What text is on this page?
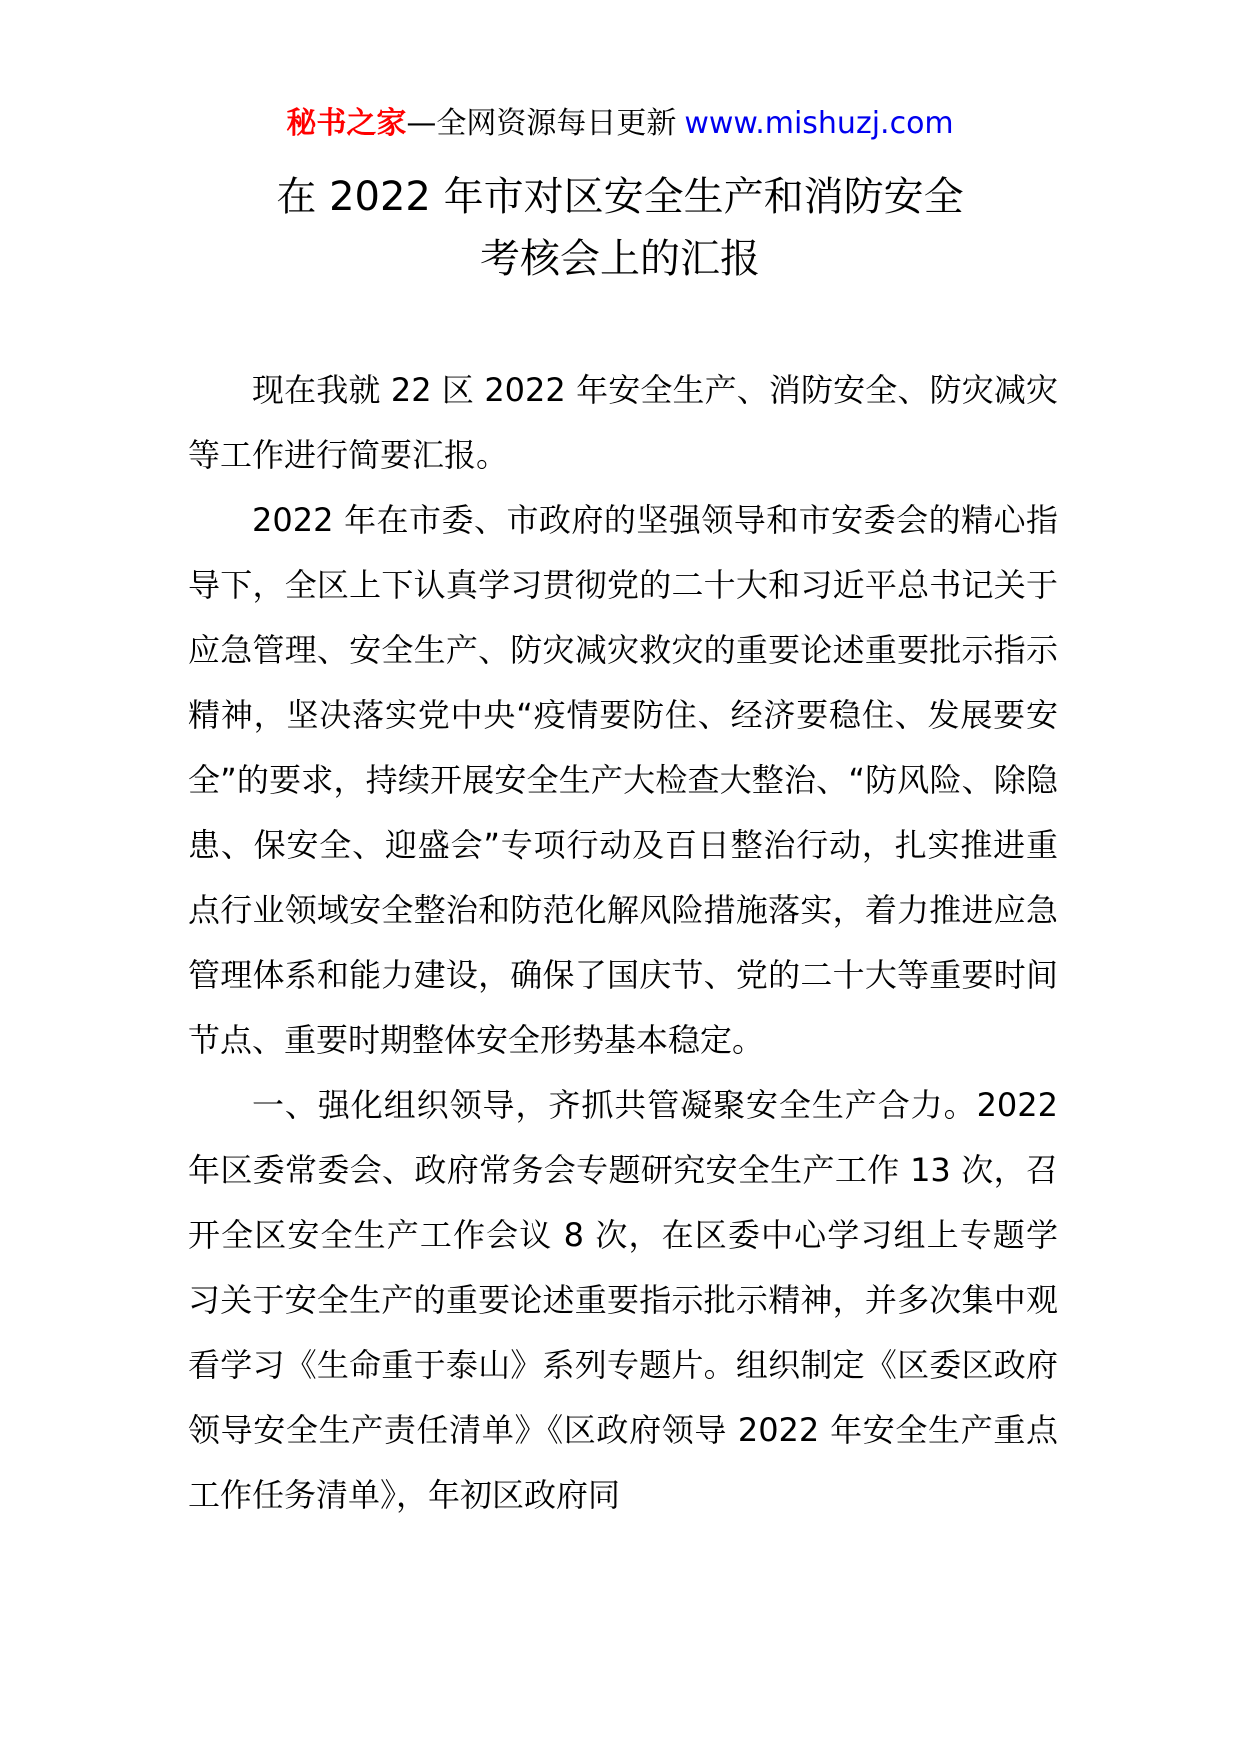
秘书之家—全网资源每日更新 www.mishuzj.com
在 2022 年市对区安全生产和消防安全
考核会上的汇报

现在我就 22 区 2022 年安全生产、消防安全、防灾减灾等工作进行简要汇报。

2022 年在市委、市政府的坚强领导和市安委会的精心指导下，全区上下认真学习贯彻党的二十大和习近平总书记关于应急管理、安全生产、防灾减灾救灾的重要论述重要批示指示精神，坚决落实党中央“疫情要防住、经济要稳住、发展要安全”的要求，持续开展安全生产大检查大整治、“防风险、除隐患、保安全、迎盛会”专项行动及百日整治行动，扎实推进重点行业领域安全整治和防范化解风险措施落实，着力推进应急管理体系和能力建设，确保了国庆节、党的二十大等重要时间节点、重要时期整体安全形势基本稳定。

一、强化组织领导，齐抓共管凝聚安全生产合力。2022 年区委常委会、政府常务会专题研究安全生产工作 13 次，召开全区安全生产工作会议 8 次，在区委中心学习组上专题学习关于安全生产的重要论述重要指示批示精神，并多次集中观看学习《生命重于泰山》系列专题片。组织制定《区委区政府领导安全生产责任清单》《区政府领导 2022 年安全生产重点工作任务清单》，年初区政府同
